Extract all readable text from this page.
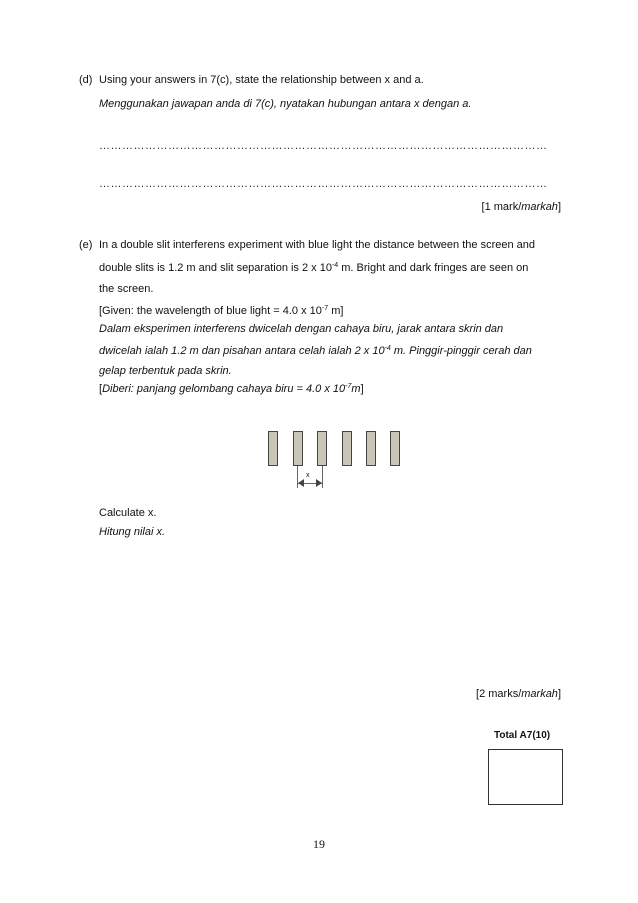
(d) Using your answers in 7(c), state the relationship between x and a.
Menggunakan jawapan anda di 7(c), nyatakan hubungan antara x dengan a.
………………………………………………………………………………………………………
………………………………………………………………………………………………………
[1 mark/markah]
(e) In a double slit interferens experiment with blue light the distance between the screen and
double slits is 1.2 m and slit separation is 2 x $10^{-4}$ m. Bright and dark fringes are seen on
the screen.
[Given: the wavelength of blue light = 4.0 x $10^{-7}$ m]
Dalam eksperimen interferens dwicelah dengan cahaya biru, jarak antara skrin dan
dwicelah ialah 1.2 m dan pisahan antara celah ialah 2 x $10^{-4}$ m. Pinggir-pinggir cerah dan
gelap terbentuk pada skrin.
[Diberi: panjang gelombang cahaya biru = 4.0 x $10^{-7}m$]
x
Calculate x.
Hitung nilai x.
[2 marks/markah]
Total A7(10)
19
